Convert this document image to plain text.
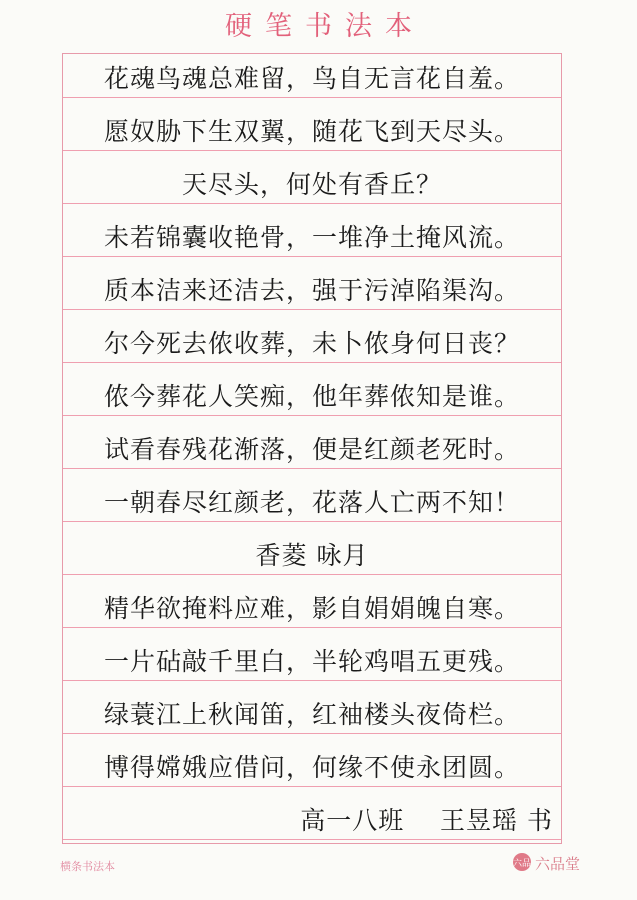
硬笔书法本
花魂鸟魂总难留，鸟自无言花自羞。
愿奴胁下生双翼，随花飞到天尽头。
天尽头，何处有香丘？
未若锦囊收艳骨，一堆净土掩风流。
质本洁来还洁去，强于污淖陷渠沟。
尔今死去侬收葬，未卜侬身何日丧？
侬今葬花人笑痴，他年葬侬知是谁。
试看春残花渐落，便是红颜老死时。
一朝春尽红颜老，花落人亡两不知！
香菱 咏月
精华欲掩料应难，影自娟娟魄自寒。
一片砧敲千里白，半轮鸡唱五更残。
绿蓑江上秋闻笛，红袖楼头夜倚栏。
博得嫦娥应借问，何缘不使永团圆。
高一八班    王昱瑶 书
横条书法本	六品 六品堂
